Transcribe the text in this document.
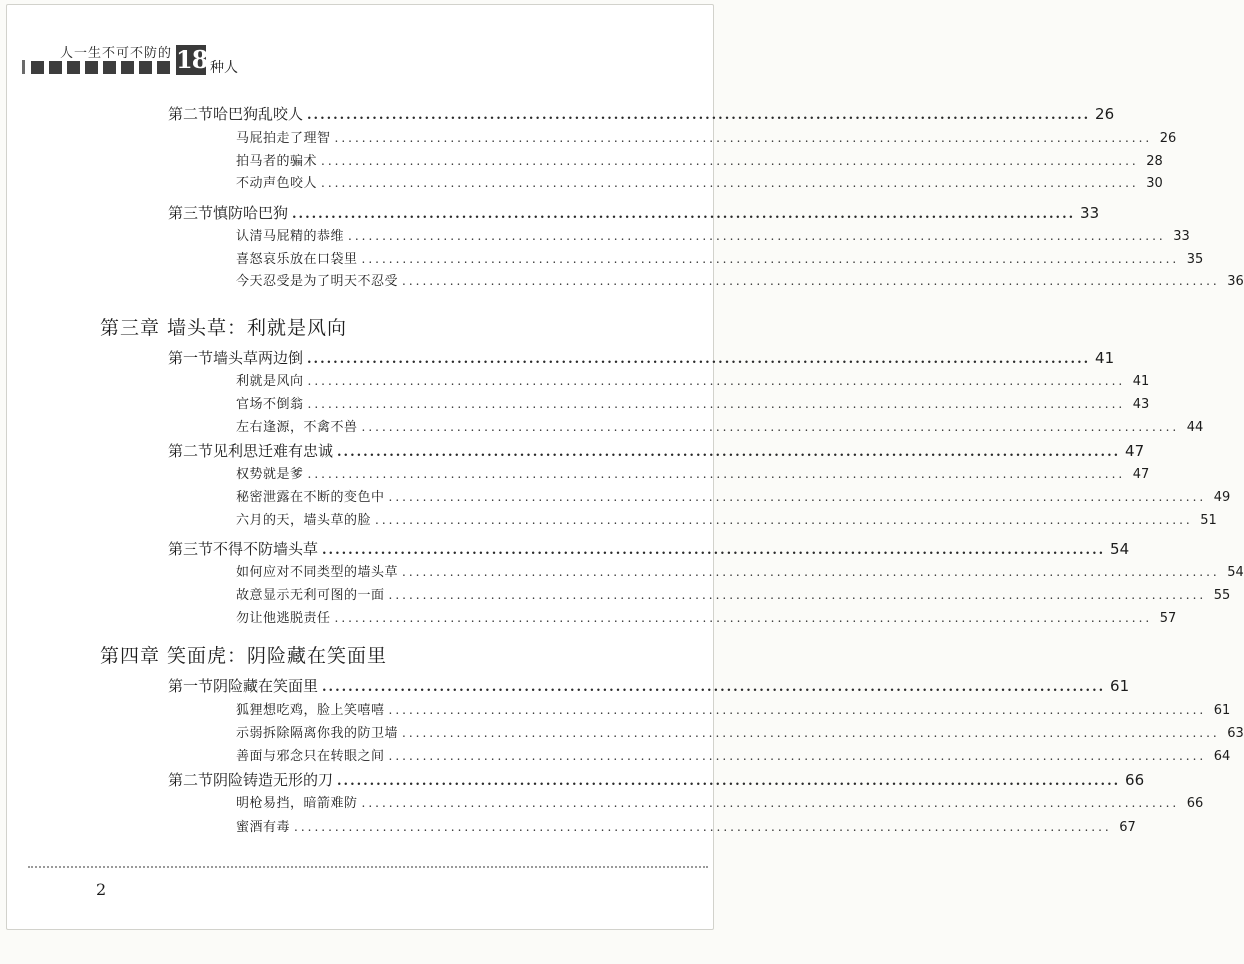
人一生不可不防的 18 种人
第二节 哈巴狗乱咬人 ........................................................................................................................ 26
马屁拍走了理智 ........................................................................................................................ 26
拍马者的骗术 ........................................................................................................................ 28
不动声色咬人 ........................................................................................................................ 30
第三节 慎防哈巴狗 ........................................................................................................................ 33
认清马屁精的恭维 ........................................................................................................................ 33
喜怒哀乐放在口袋里 ........................................................................................................................ 35
今天忍受是为了明天不忍受 ........................................................................................................................ 36
第三章 墙头草：利就是风向
第一节 墙头草两边倒 ........................................................................................................................ 41
利就是风向 ........................................................................................................................ 41
官场不倒翁 ........................................................................................................................ 43
左右逢源，不禽不兽 ........................................................................................................................ 44
第二节 见利思迁难有忠诚 ........................................................................................................................ 47
权势就是爹 ........................................................................................................................ 47
秘密泄露在不断的变色中 ........................................................................................................................ 49
六月的天，墙头草的脸 ........................................................................................................................ 51
第三节 不得不防墙头草 ........................................................................................................................ 54
如何应对不同类型的墙头草 ........................................................................................................................ 54
故意显示无利可图的一面 ........................................................................................................................ 55
勿让他逃脱责任 ........................................................................................................................ 57
第四章 笑面虎：阴险藏在笑面里
第一节 阴险藏在笑面里 ........................................................................................................................ 61
狐狸想吃鸡，脸上笑嘻嘻 ........................................................................................................................ 61
示弱拆除隔离你我的防卫墙 ........................................................................................................................ 63
善面与邪念只在转眼之间 ........................................................................................................................ 64
第二节 阴险铸造无形的刀 ........................................................................................................................ 66
明枪易挡，暗箭难防 ........................................................................................................................ 66
蜜酒有毒 ........................................................................................................................ 67
2
